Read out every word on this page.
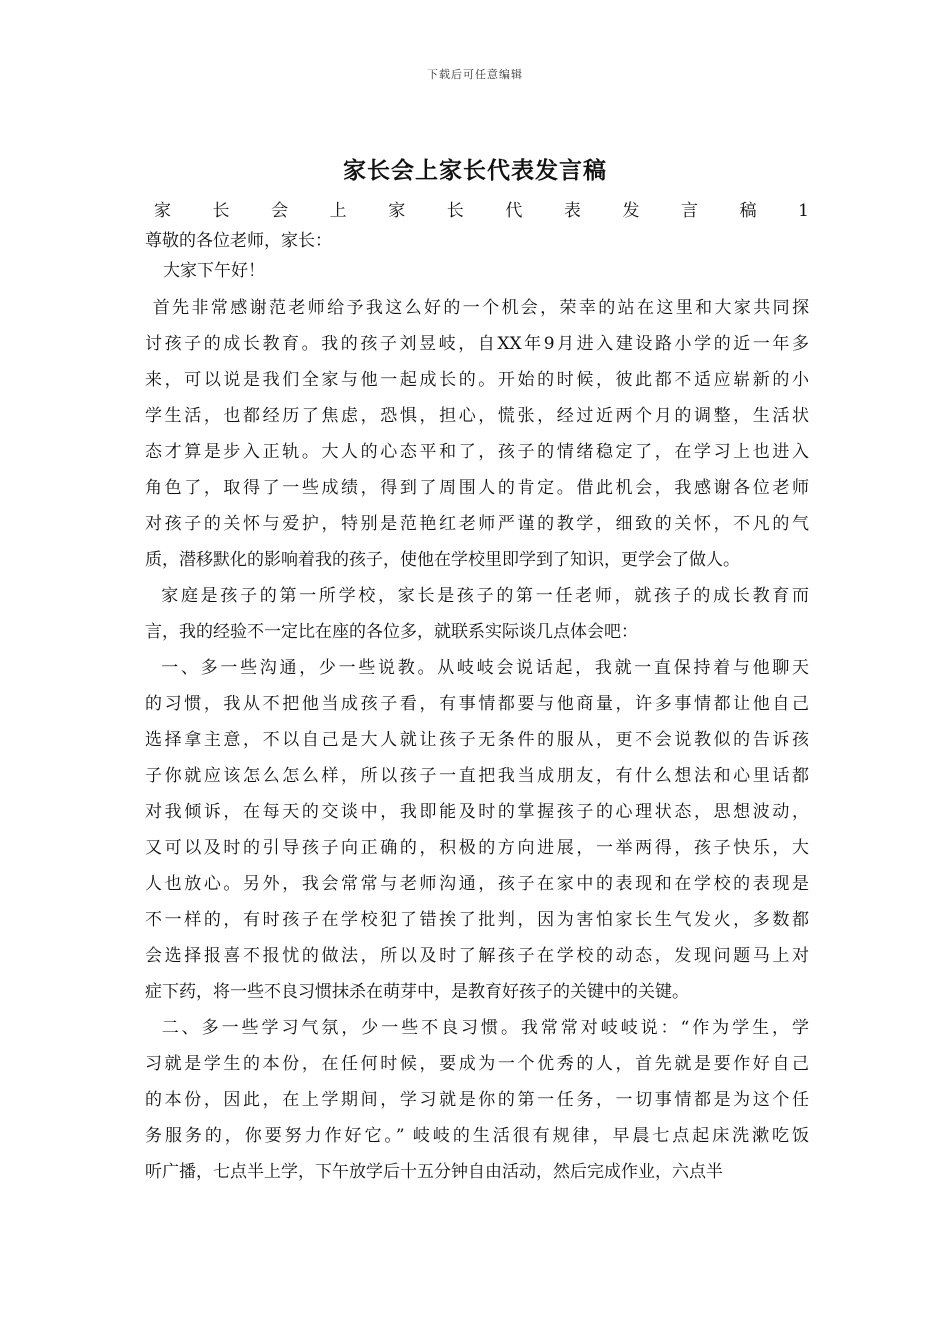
下载后可任意编辑
家长会上家长代表发言稿
家长会上家长代表发言稿1
尊敬的各位老师，家长：
大家下午好！
首先非常感谢范老师给予我这么好的一个机会，荣幸的站在这里和大家共同探
讨孩子的成长教育。我的孩子刘昱岐，自XX年9月进入建设路小学的近一年多
来，可以说是我们全家与他一起成长的。开始的时候，彼此都不适应崭新的小
学生活，也都经历了焦虑，恐惧，担心，慌张，经过近两个月的调整，生活状
态才算是步入正轨。大人的心态平和了，孩子的情绪稳定了，在学习上也进入
角色了，取得了一些成绩，得到了周围人的肯定。借此机会，我感谢各位老师
对孩子的关怀与爱护，特别是范艳红老师严谨的教学，细致的关怀，不凡的气
质，潜移默化的影响着我的孩子，使他在学校里即学到了知识，更学会了做人。
家庭是孩子的第一所学校，家长是孩子的第一任老师，就孩子的成长教育而
言，我的经验不一定比在座的各位多，就联系实际谈几点体会吧：
一、多一些沟通，少一些说教。从岐岐会说话起，我就一直保持着与他聊天
的习惯，我从不把他当成孩子看，有事情都要与他商量，许多事情都让他自己
选择拿主意，不以自己是大人就让孩子无条件的服从，更不会说教似的告诉孩
子你就应该怎么怎么样，所以孩子一直把我当成朋友，有什么想法和心里话都
对我倾诉，在每天的交谈中，我即能及时的掌握孩子的心理状态，思想波动，
又可以及时的引导孩子向正确的，积极的方向进展，一举两得，孩子快乐，大
人也放心。另外，我会常常与老师沟通，孩子在家中的表现和在学校的表现是
不一样的，有时孩子在学校犯了错挨了批判，因为害怕家长生气发火，多数都
会选择报喜不报忧的做法，所以及时了解孩子在学校的动态，发现问题马上对
症下药，将一些不良习惯抹杀在萌芽中，是教育好孩子的关键中的关键。
二、多一些学习气氛，少一些不良习惯。我常常对岐岐说：“作为学生，学
习就是学生的本份，在任何时候，要成为一个优秀的人，首先就是要作好自己
的本份，因此，在上学期间，学习就是你的第一任务，一切事情都是为这个任
务服务的，你要努力作好它。” 岐岐的生活很有规律，早晨七点起床洗漱吃饭
听广播，七点半上学，下午放学后十五分钟自由活动，然后完成作业，六点半
